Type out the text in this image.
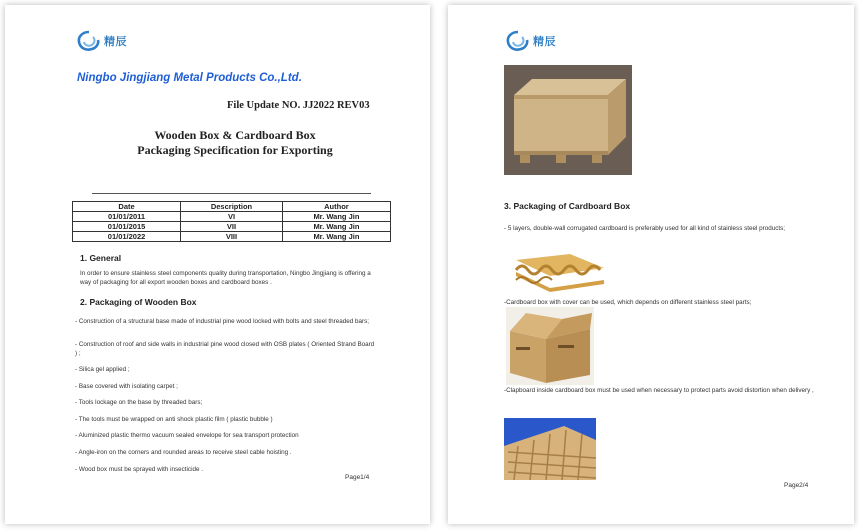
精辰
Ningbo Jingjiang Metal Products Co.,Ltd.
File Update NO. JJ2022 REV03
Wooden Box & Cardboard Box
Packaging Specification for Exporting
Date	Description	Author
01/01/2011	VI	Mr. Wang Jin
01/01/2015	VII	Mr. Wang Jin
01/01/2022	VIII	Mr. Wang Jin
1. General
In order to ensure stainless steel components quality during transportation, Ningbo Jingjiang is offering a way of packaging for all export wooden boxes and cardboard boxes .
2. Packaging of Wooden Box
- Construction of a structural base made of industrial pine wood locked with bolts and steel threaded bars;
- Construction of roof and side walls in industrial pine wood closed with OSB plates ( Oriented Strand Board ) ;
- Silica gel applied ;
- Base covered with isolating carpet ;
- Tools lockage on the base by threaded bars;
- The tools must be wrapped on anti shock plastic film ( plastic bubble )
- Aluminized plastic thermo vacuum sealed envelope for sea transport protection
- Angle-iron on the corners and rounded areas to receive steel cable hoisting .
- Wood box must be sprayed with insecticide .
Page1/4
精辰
3. Packaging of Cardboard Box
- 5 layers, double-wall corrugated cardboard is preferably used for all kind of stainless steel products;
-Cardboard box with cover can be used, which depends on different stainless steel parts;
-Clapboard inside cardboard box must be used when necessary to protect parts avoid distortion when delivery ,
Page2/4
